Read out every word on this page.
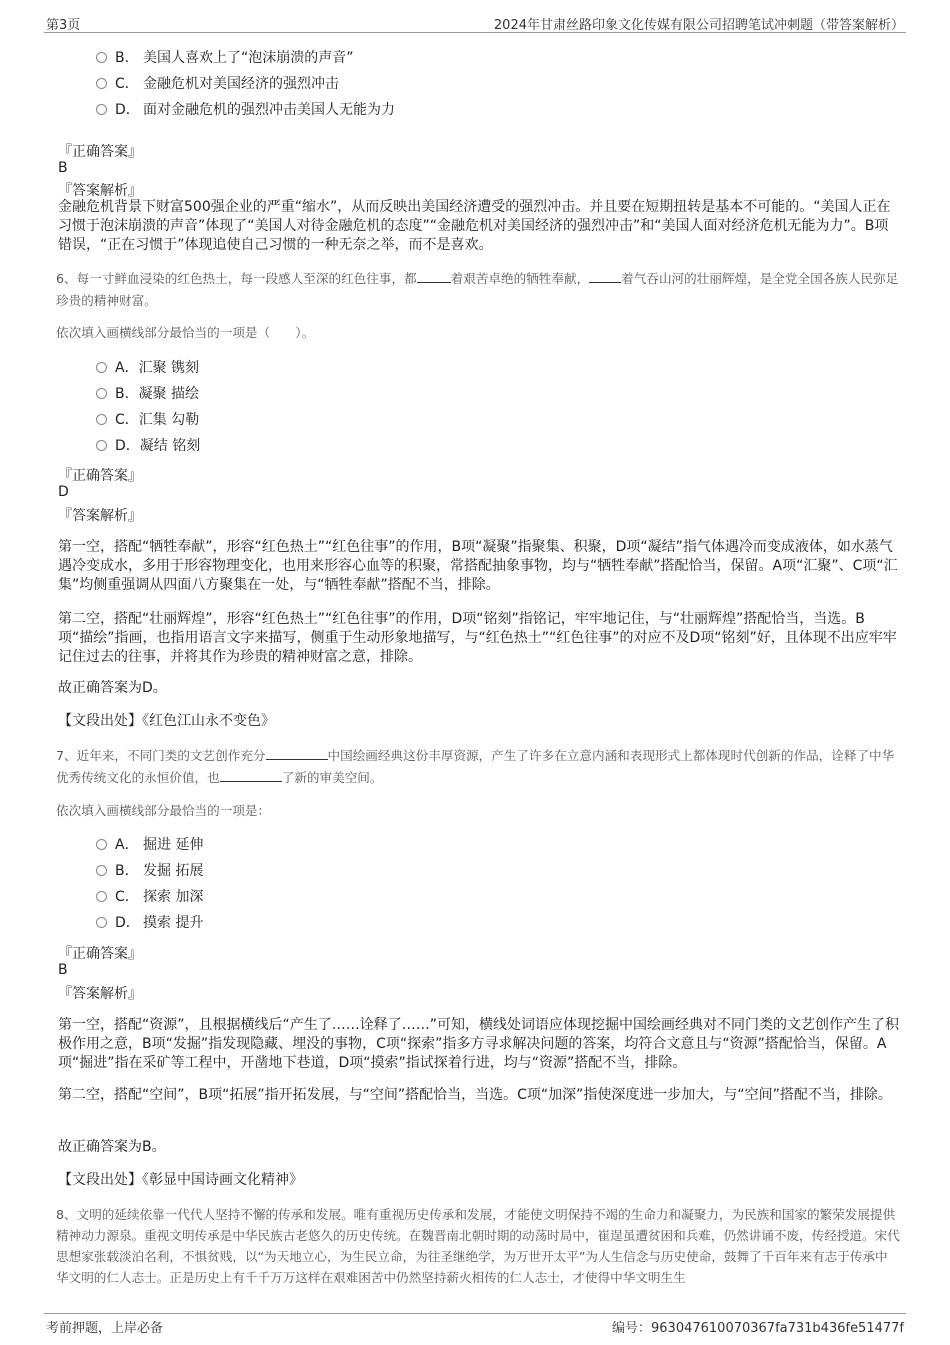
第3页	2024年甘肃丝路印象文化传媒有限公司招聘笔试冲刺题（带答案解析）
B． 美国人喜欢上了“泡沫崩溃的声音”
C． 金融危机对美国经济的强烈冲击
D． 面对金融危机的强烈冲击美国人无能为力
『正确答案』
B
『答案解析』
金融危机背景下财富500强企业的严重“缩水”，从而反映出美国经济遭受的强烈冲击。并且要在短期扭转是基本不可能的。“美国人正在习惯于泡沫崩溃的声音”体现了“美国人对待金融危机的态度”“金融危机对美国经济的强烈冲击”和“美国人面对经济危机无能为力”。B项错误，“正在习惯于”体现追使自己习惯的一种无奈之举，而不是喜欢。
6、每一寸鲜血浸染的红色热土，每一段感人至深的红色往事，都	着艰苦卓绝的牺牲奉献，	着气吞山河的壮丽辉煌，是全党全国各族人民弥足珍贵的精神财富。
依次填入画横线部分最恰当的一项是（　　）。
A．汇聚 镌刻
B．凝聚 描绘
C．汇集 勾勒
D．凝结 铭刻
『正确答案』
D
『答案解析』
第一空，搭配“牺牲奉献”，形容“红色热土”“红色往事”的作用，B项“凝聚”指聚集、积聚，D项“凝结”指气体遇冷而变成液体，如水蒸气遇冷变成水，多用于形容物理变化，也用来形容心血等的积聚，常搭配抽象事物，均与“牺牲奉献”搭配恰当，保留。A项“汇聚”、C项“汇集”均侧重强调从四面八方聚集在一处，与“牺牲奉献”搭配不当，排除。
第二空，搭配“壮丽辉煌”，形容“红色热土”“红色往事”的作用，D项“铭刻”指铭记，牢牢地记住，与“壮丽辉煌”搭配恰当，当选。B项“描绘”指画，也指用语言文字来描写，侧重于生动形象地描写，与“红色热土”“红色往事”的对应不及D项“铭刻”好，且体现不出应牢牢记住过去的往事，并将其作为珍贵的精神财富之意，排除。
故正确答案为D。
【文段出处】《红色江山永不变色》
7、近年来，不同门类的文艺创作充分	中国绘画经典这份丰厚资源，产生了许多在立意内涵和表现形式上都体现时代创新的作品，诠释了中华优秀传统文化的永恒价值，也	了新的审美空间。
依次填入画横线部分最恰当的一项是：
A． 掘进 延伸
B． 发掘 拓展
C． 探索 加深
D． 摸索 提升
『正确答案』
B
『答案解析』
第一空，搭配“资源”，且根据横线后“产生了……诠释了……”可知，横线处词语应体现挖掘中国绘画经典对不同门类的文艺创作产生了积极作用之意，B项“发掘”指发现隐藏、埋没的事物，C项“探索”指多方寻求解决问题的答案，均符合文意且与“资源”搭配恰当，保留。A项“掘进”指在采矿等工程中，开凿地下巷道，D项“摸索”指试探着行进，均与“资源”搭配不当，排除。
第二空，搭配“空间”，B项“拓展”指开拓发展，与“空间”搭配恰当，当选。C项“加深”指使深度进一步加大，与“空间”搭配不当，排除。
故正确答案为B。
【文段出处】《彰显中国诗画文化精神》
8、文明的延续依靠一代代人坚持不懈的传承和发展。唯有重视历史传承和发展，才能使文明保持不竭的生命力和凝聚力，为民族和国家的繁荣发展提供精神动力源泉。重视文明传承是中华民族古老悠久的历史传统。在魏晋南北朝时期的动荡时局中，崔逞虽遭贫困和兵难，仍然讲诵不废，传经授道。宋代思想家张载淡泊名利，不惧贫贱，以“为天地立心，为生民立命，为往圣继绝学，为万世开太平”为人生信念与历史使命，鼓舞了千百年来有志于传承中华文明的仁人志士。正是历史上有千千万万这样在艰难困苦中仍然坚持薪火相传的仁人志士，才使得中华文明生生
考前押题，上岸必备	编号：963047610070367fa731b436fe51477f
